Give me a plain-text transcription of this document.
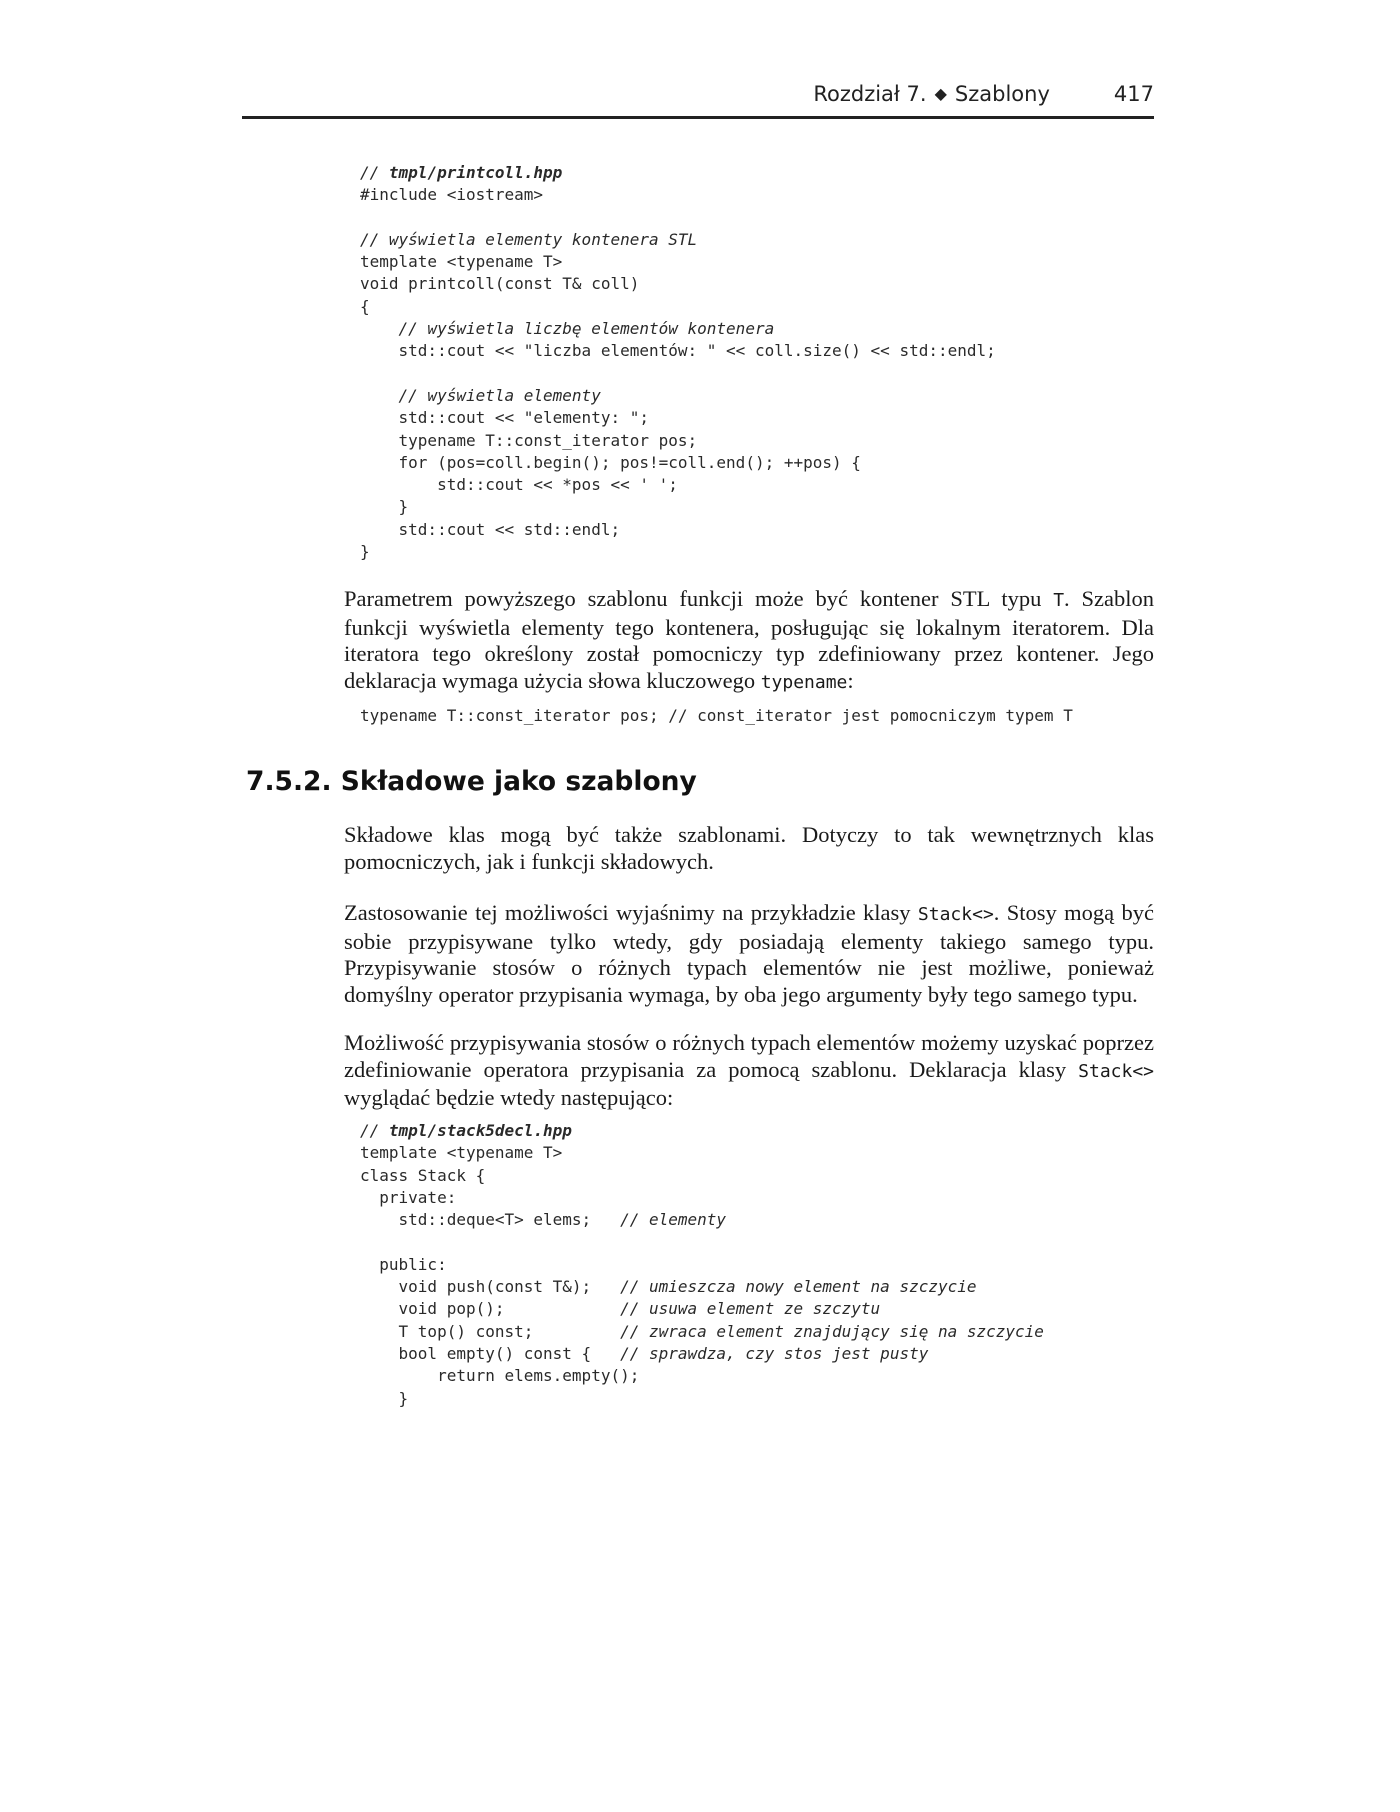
Rozdział 7. ◆ Szablony	417
// tmpl/printcoll.hpp
#include <iostream>
// wyświetla elementy kontenera STL
template <typename T>
void printcoll(const T& coll)
{
// wyświetla liczbę elementów kontenera
std::cout << "liczba elementów: " << coll.size() << std::endl;
// wyświetla elementy
std::cout << "elementy: ";
typename T::const_iterator pos;
for (pos=coll.begin(); pos!=coll.end(); ++pos) {
std::cout << *pos << ' ';
}
std::cout << std::endl;
}

Parametrem powyższego szablonu funkcji może być kontener STL typu T. Szablon funkcji wyświetla elementy tego kontenera, posługując się lokalnym iteratorem. Dla iteratora tego określony został pomocniczy typ zdefiniowany przez kontener. Jego deklaracja wymaga użycia słowa kluczowego typename:

typename T::const_iterator pos; // const_iterator jest pomocniczym typem T
7.5.2. Składowe jako szablony

Składowe klas mogą być także szablonami. Dotyczy to tak wewnętrznych klas pomocniczych, jak i funkcji składowych.

Zastosowanie tej możliwości wyjaśnimy na przykładzie klasy Stack<>. Stosy mogą być sobie przypisywane tylko wtedy, gdy posiadają elementy takiego samego typu. Przypisywanie stosów o różnych typach elementów nie jest możliwe, ponieważ domyślny operator przypisania wymaga, by oba jego argumenty były tego samego typu.

Możliwość przypisywania stosów o różnych typach elementów możemy uzyskać poprzez zdefiniowanie operatora przypisania za pomocą szablonu. Deklaracja klasy Stack<> wyglądać będzie wtedy następująco:

// tmpl/stack5decl.hpp
template <typename T>
class Stack {
private:
std::deque<T> elems;   // elementy
public:
void push(const T&);   // umieszcza nowy element na szczycie
void pop();            // usuwa element ze szczytu
T top() const;         // zwraca element znajdujący się na szczycie
bool empty() const {   // sprawdza, czy stos jest pusty
return elems.empty();
}
